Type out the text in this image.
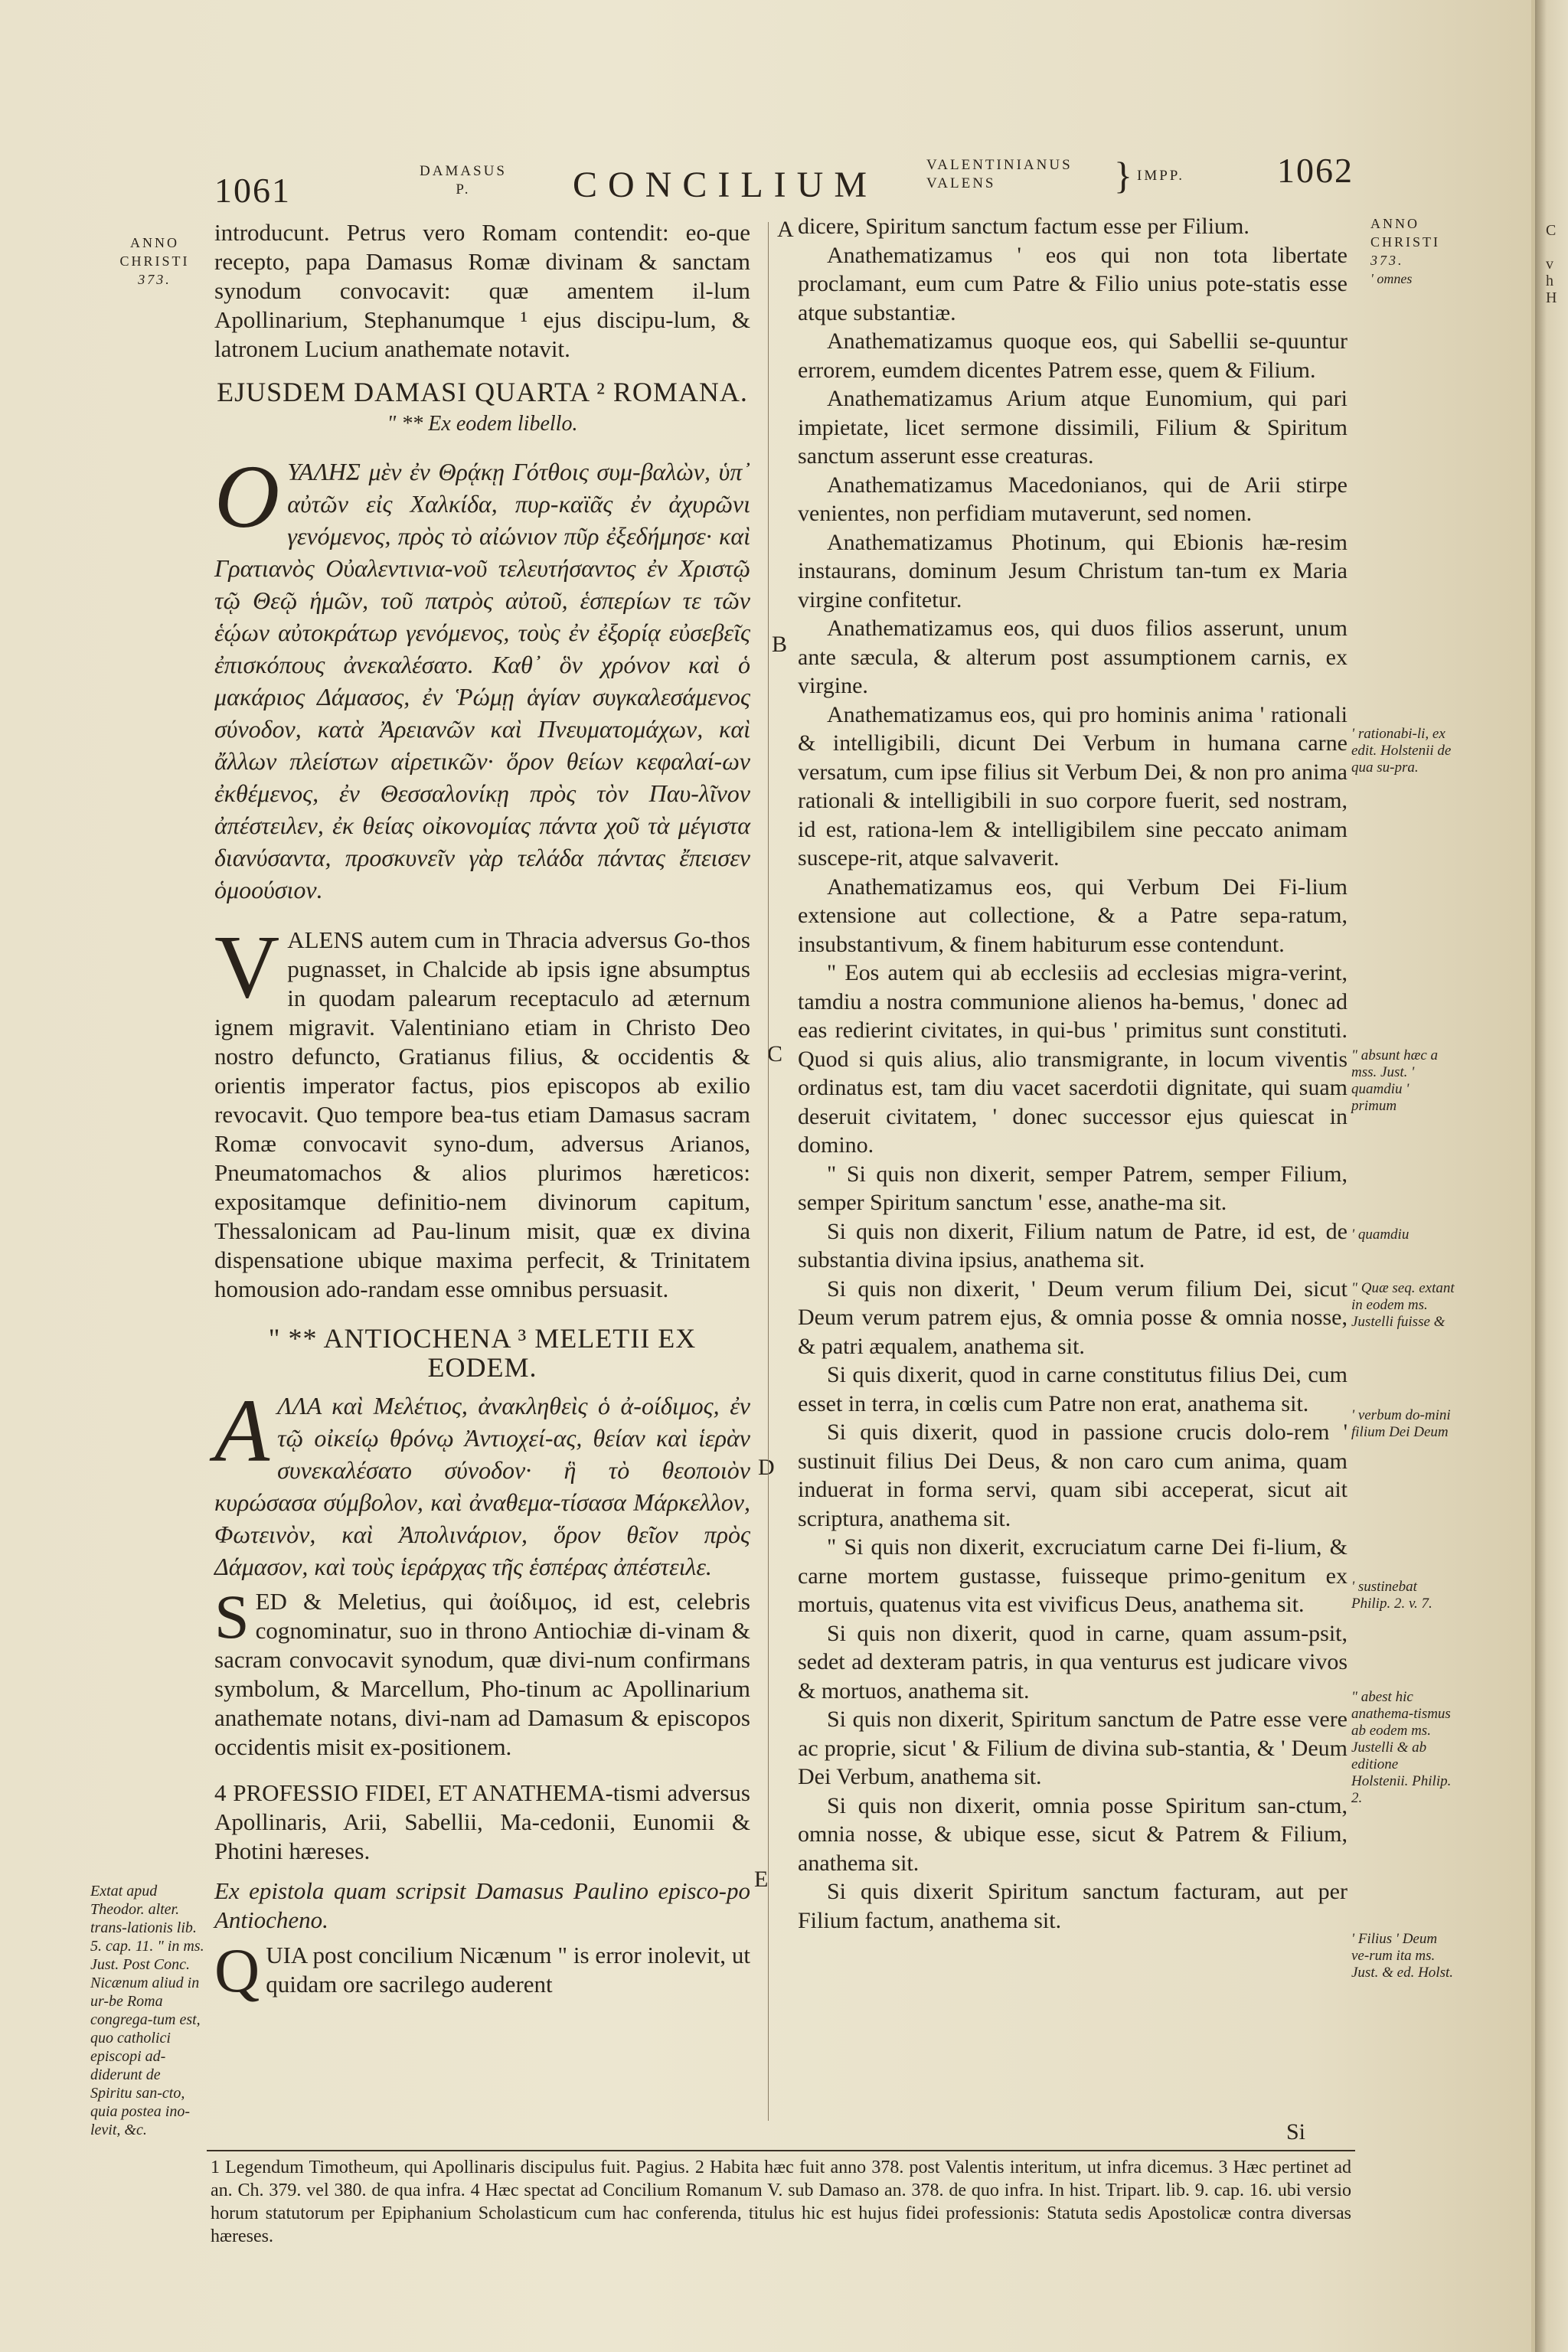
C

v
h
H
1061	DAMASUS
P.	CONCILIUM	VALENTINIANUS
VALENS	} IMPP.	1062
ANNO
CHRISTI
373.
Extat apud Theodor. alter. trans-lationis lib. 5. cap. 11. " in ms. Just. Post Conc. Nicænum aliud in ur-be Roma congrega-tum est, quo catholici episcopi ad-diderunt de Spiritu san-cto, quia postea ino-levit, &c.
ANNO
CHRISTI
373.
' omnes
' rationabi-li, ex edit. Holstenii de qua su-pra.
" absunt hæc a mss. Just. ' quamdiu ' primum
' quamdiu
" Quæ seq. extant in eodem ms. Justelli fuisse &
' verbum do-mini filium Dei Deum
' sustinebat Philip. 2. v. 7.
" abest hic anathema-tismus ab eodem ms. Justelli & ab editione Holstenii. Philip. 2.
' Filius ' Deum ve-rum ita ms. Just. & ed. Holst.
A
B
C
D
E

introducunt. Petrus vero Romam contendit: eo-que recepto, papa Damasus Romæ divinam & sanctam synodum convocavit: quæ amentem il-lum Apollinarium, Stephanumque ¹ ejus discipu-lum, & latronem Lucium anathemate notavit.

EJUSDEM DAMASI QUARTA ² ROMANA.
" ** Ex eodem libello.

OΥΑΛΗΣ μὲν ἐν Θρᾴκῃ Γότθοις συμ-βαλὼν, ὑπ᾽ αὐτῶν εἰς Χαλκίδα, πυρ-καϊᾶς ἐν ἀχυρῶνι γενόμενος, πρὸς τὸ αἰώνιον πῦρ ἐξεδήμησε· καὶ Γρατιανὸς Οὐαλεντινια-νοῦ τελευτήσαντος ἐν Χριστῷ τῷ Θεῷ ἡμῶν, τοῦ πατρὸς αὐτοῦ, ἑσπερίων τε τῶν ἑῴων αὐτοκράτωρ γενόμενος, τοὺς ἐν ἐξορίᾳ εὐσεβεῖς ἐπισκόπους ἀνεκαλέσατο. Καθ᾽ ὃν χρόνον καὶ ὁ μακάριος Δάμασος, ἐν Ῥώμῃ ἁγίαν συγκαλεσάμενος σύνοδον, κατὰ Ἀρειανῶν καὶ Πνευματομάχων, καὶ ἄλλων πλείστων αἱρετικῶν· ὅρον θείων κεφαλαί-ων ἐκθέμενος, ἐν Θεσσαλονίκῃ πρὸς τὸν Παυ-λῖνον ἀπέστειλεν, ἐκ θείας οἰκονομίας πάντα χοῦ τὰ μέγιστα διανύσαντα, προσκυνεῖν γὰρ τελάδα πάντας ἔπεισεν ὁμοούσιον.

VALENS autem cum in Thracia adversus Go-thos pugnasset, in Chalcide ab ipsis igne absumptus in quodam palearum receptaculo ad æternum ignem migravit. Valentiniano etiam in Christo Deo nostro defuncto, Gratianus filius, & occidentis & orientis imperator factus, pios episcopos ab exilio revocavit. Quo tempore bea-tus etiam Damasus sacram Romæ convocavit syno-dum, adversus Arianos, Pneumatomachos & alios plurimos hæreticos: expositamque definitio-nem divinorum capitum, Thessalonicam ad Pau-linum misit, quæ ex divina dispensatione ubique maxima perfecit, & Trinitatem homousion ado-randam esse omnibus persuasit.

" ** ANTIOCHENA ³ MELETII EX EODEM.

AΛΛΑ καὶ Μελέτιος, ἀνακληθεὶς ὁ ἀ-οίδιμος, ἐν τῷ οἰκείῳ θρόνῳ Ἀντιοχεί-ας, θείαν καὶ ἱερὰν συνεκαλέσατο σύνοδον· ἣ τὸ θεοποιὸν κυρώσασα σύμβολον, καὶ ἀναθεμα-τίσασα Μάρκελλον, Φωτεινὸν, καὶ Ἀπολινάριον, ὅρον θεῖον πρὸς Δάμασον, καὶ τοὺς ἱεράρχας τῆς ἑσπέρας ἀπέστειλε.

SED & Meletius, qui ἀοίδιμος, id est, celebris cognominatur, suo in throno Antiochiæ di-vinam & sacram convocavit synodum, quæ divi-num confirmans symbolum, & Marcellum, Pho-tinum ac Apollinarium anathemate notans, divi-nam ad Damasum & episcopos occidentis misit ex-positionem.

4 PROFESSIO FIDEI, ET ANATHEMA-tismi adversus Apollinaris, Arii, Sabellii, Ma-cedonii, Eunomii & Photini hæreses.

Ex epistola quam scripsit Damasus Paulino episco-po Antiocheno.

QUIA post concilium Nicænum " is error inolevit, ut quidam ore sacrilego auderent

dicere, Spiritum sanctum factum esse per Filium.

Anathematizamus ' eos qui non tota libertate proclamant, eum cum Patre & Filio unius pote-statis esse atque substantiæ.

Anathematizamus quoque eos, qui Sabellii se-quuntur errorem, eumdem dicentes Patrem esse, quem & Filium.

Anathematizamus Arium atque Eunomium, qui pari impietate, licet sermone dissimili, Filium & Spiritum sanctum asserunt esse creaturas.

Anathematizamus Macedonianos, qui de Arii stirpe venientes, non perfidiam mutaverunt, sed nomen.

Anathematizamus Photinum, qui Ebionis hæ-resim instaurans, dominum Jesum Christum tan-tum ex Maria virgine confitetur.

Anathematizamus eos, qui duos filios asserunt, unum ante sæcula, & alterum post assumptionem carnis, ex virgine.

Anathematizamus eos, qui pro hominis anima ' rationali & intelligibili, dicunt Dei Verbum in humana carne versatum, cum ipse filius sit Verbum Dei, & non pro anima rationali & intelligibili in suo corpore fuerit, sed nostram, id est, rationa-lem & intelligibilem sine peccato animam suscepe-rit, atque salvaverit.

Anathematizamus eos, qui Verbum Dei Fi-lium extensione aut collectione, & a Patre sepa-ratum, insubstantivum, & finem habiturum esse contendunt.

" Eos autem qui ab ecclesiis ad ecclesias migra-verint, tamdiu a nostra communione alienos ha-bemus, ' donec ad eas redierint civitates, in qui-bus ' primitus sunt constituti. Quod si quis alius, alio transmigrante, in locum viventis ordinatus est, tam diu vacet sacerdotii dignitate, qui suam deseruit civitatem, ' donec successor ejus quiescat in domino.

" Si quis non dixerit, semper Patrem, semper Filium, semper Spiritum sanctum ' esse, anathe-ma sit.

Si quis non dixerit, Filium natum de Patre, id est, de substantia divina ipsius, anathema sit.

Si quis non dixerit, ' Deum verum filium Dei, sicut Deum verum patrem ejus, & omnia posse & omnia nosse, & patri æqualem, anathema sit.

Si quis dixerit, quod in carne constitutus filius Dei, cum esset in terra, in cœlis cum Patre non erat, anathema sit.

Si quis dixerit, quod in passione crucis dolo-rem ' sustinuit filius Dei Deus, & non caro cum anima, quam induerat in forma servi, quam sibi acceperat, sicut ait scriptura, anathema sit.

" Si quis non dixerit, excruciatum carne Dei fi-lium, & carne mortem gustasse, fuisseque primo-genitum ex mortuis, quatenus vita est vivificus Deus, anathema sit.

Si quis non dixerit, quod in carne, quam assum-psit, sedet ad dexteram patris, in qua venturus est judicare vivos & mortuos, anathema sit.

Si quis non dixerit, Spiritum sanctum de Patre esse vere ac proprie, sicut ' & Filium de divina sub-stantia, & ' Deum Dei Verbum, anathema sit.

Si quis non dixerit, omnia posse Spiritum san-ctum, omnia nosse, & ubique esse, sicut & Patrem & Filium, anathema sit.

Si quis dixerit Spiritum sanctum facturam, aut per Filium factum, anathema sit.

Si
1 Legendum Timotheum, qui Apollinaris discipulus fuit. Pagius. 2 Habita hæc fuit anno 378. post Valentis interitum, ut infra dicemus. 3 Hæc pertinet ad an. Ch. 379. vel 380. de qua infra. 4 Hæc spectat ad Concilium Romanum V. sub Damaso an. 378. de quo infra. In hist. Tripart. lib. 9. cap. 16. ubi versio horum statutorum per Epiphanium Scholasticum cum hac conferenda, titulus hic est hujus fidei professionis: Statuta sedis Apostolicæ contra diversas hæreses.
